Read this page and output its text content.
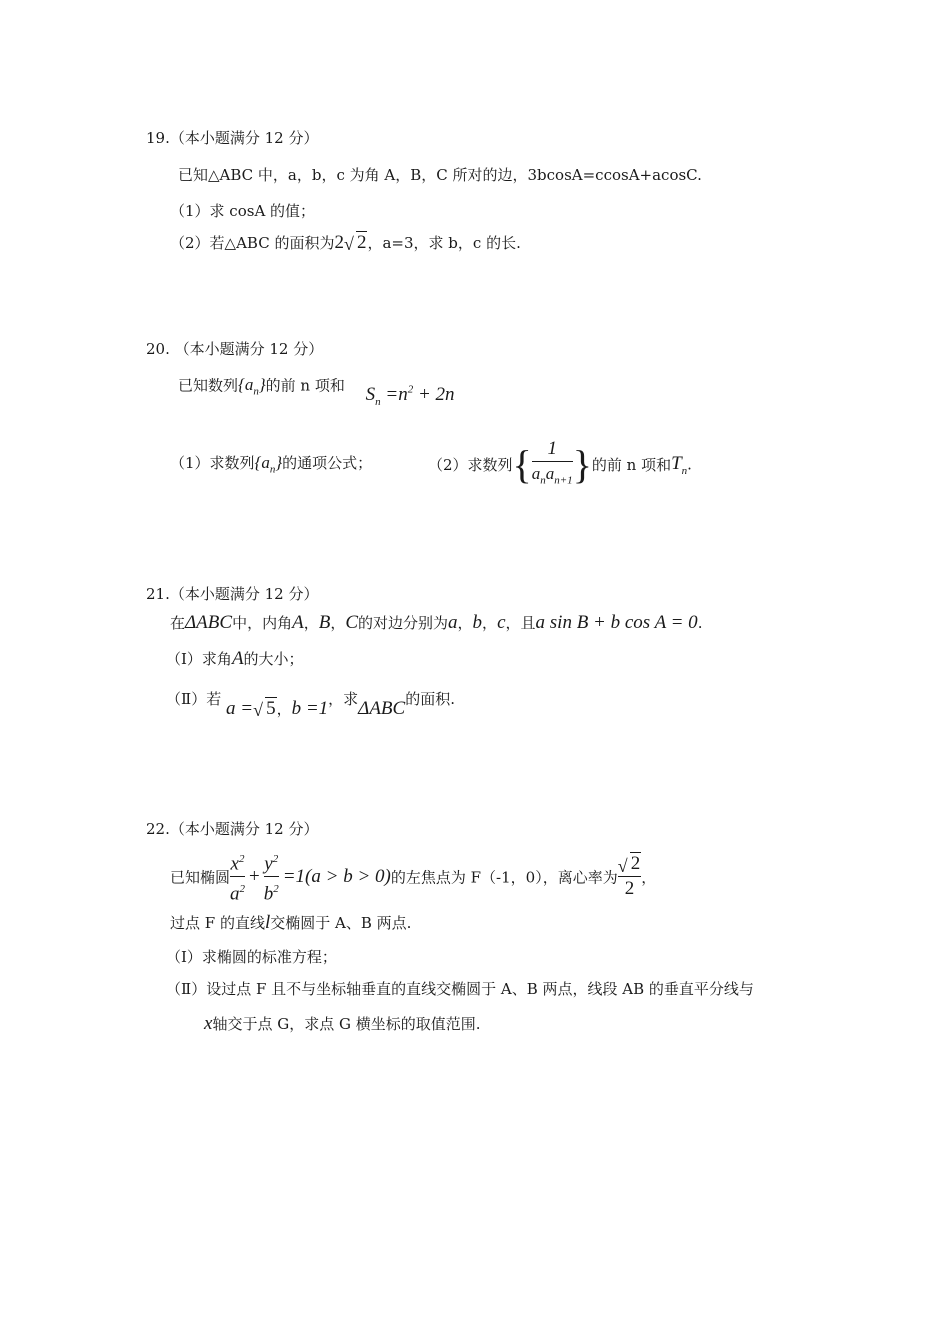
19.（本小题满分 12 分）
已知△ABC 中，a，b，c 为角 A，B，C 所对的边，3bcosA=ccosA+acosC.
（1）求 cosA 的值；
（2）若△ABC 的面积为2 √ 2，a=3，求 b，c 的长.
20. （本小题满分 12 分）
已知数列$\{a_n\}$的前 n 项和 $S_n =n^2 + 2n$
（1）求数列$\{a_n\}$的通项公式；	（2）求数列{ $\frac{1}{a_na_{n+1}}$ }的前 n 项和$T_n$.
21.（本小题满分 12 分）
在ΔABC中，内角A，B，C的对边分别为a，b，c，且a sin B + b cos A = 0.
（Ⅰ）求角A的大小；
（Ⅱ）若 a = √ 5，b =1，求ΔABC的面积.
22.（本小题满分 12 分）
已知椭圆 $\frac{x^2}{a^2} + \frac{y^2}{b^2} =1(a > b > 0)$的左焦点为 F（-1，0），离心率为 $\frac{√ 2}{2}$ ，
过点 F 的直线l交椭圆于 A、B 两点.
（Ⅰ）求椭圆的标准方程；
（Ⅱ）设过点 F 且不与坐标轴垂直的直线交椭圆于 A、B 两点，线段 AB 的垂直平分线与
x轴交于点 G，求点 G 横坐标的取值范围.
